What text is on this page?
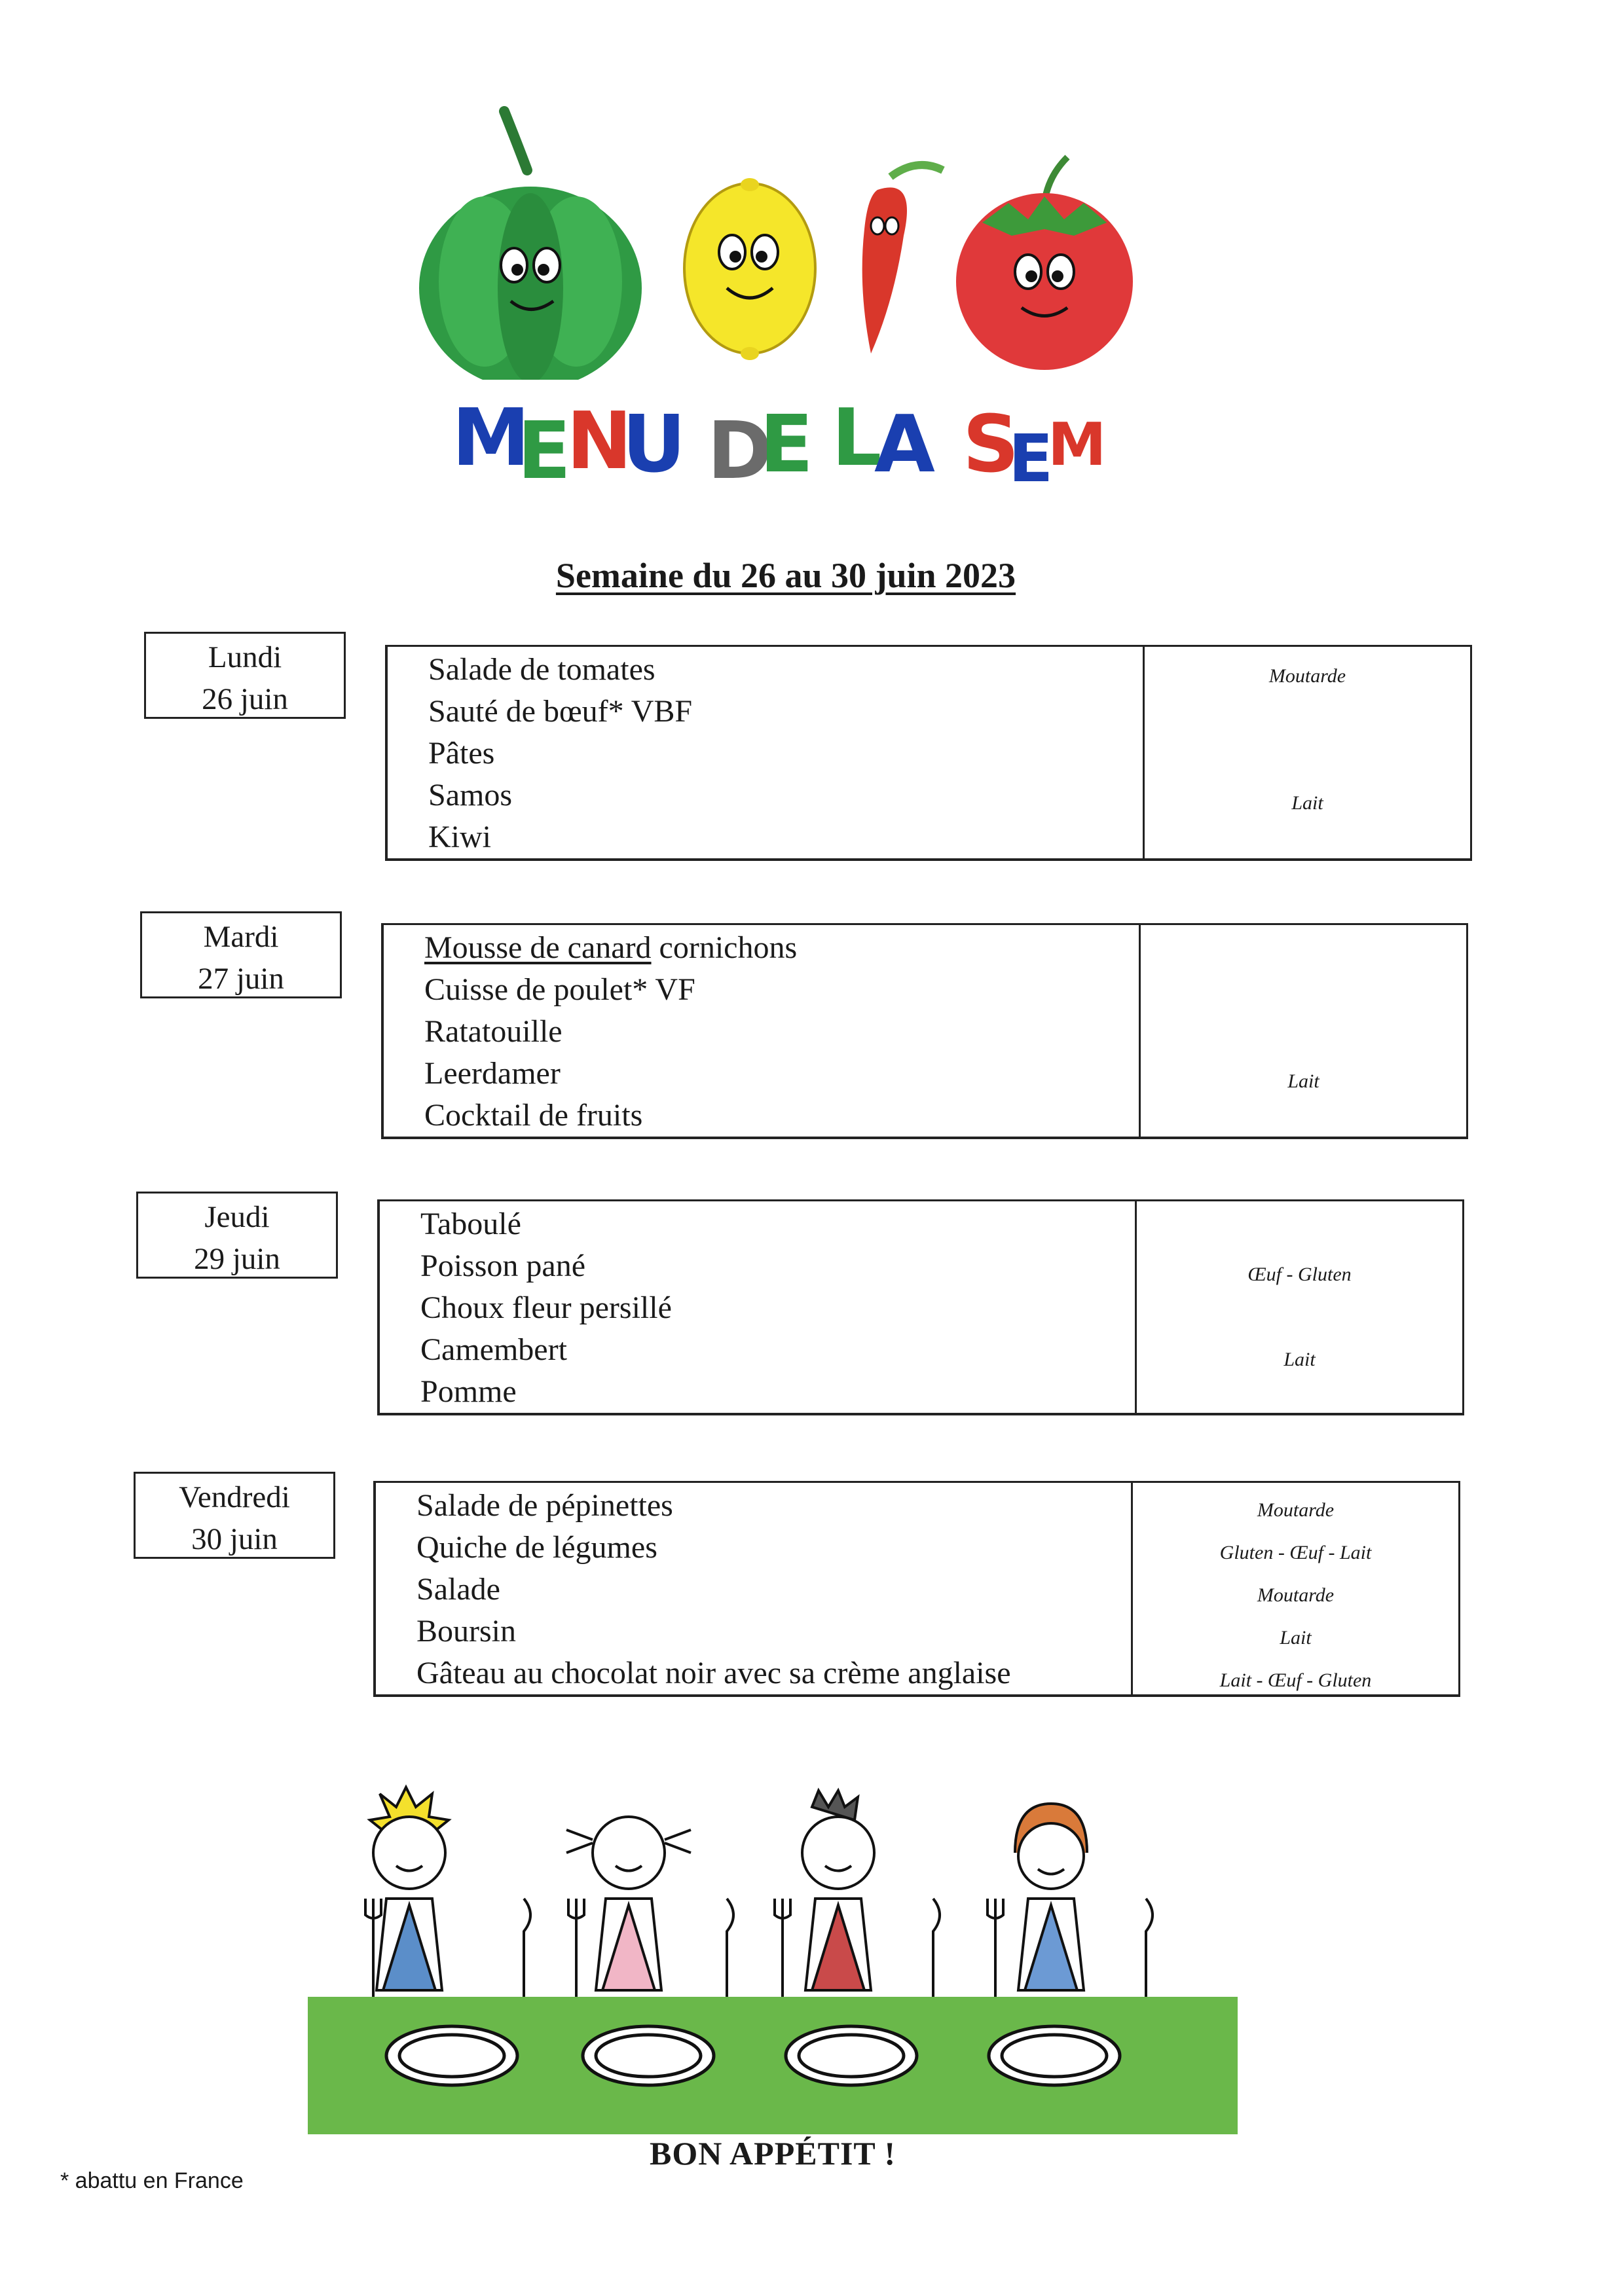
M
E
N
U D
E L
A S
E
M
Semaine du 26 au 30 juin 2023
Lundi
26 juin
Salade de tomates
Sauté de bœuf* VBF
Pâtes
Samos
Kiwi
Moutarde
Lait
Mardi
27 juin
Mousse de canard cornichons
Cuisse de poulet* VF
Ratatouille
Leerdamer
Cocktail de fruits
Lait
Jeudi
29 juin
Taboulé
Poisson pané
Choux fleur persillé
Camembert
Pomme
Œuf - Gluten
Lait
Vendredi
30 juin
Salade de pépinettes
Quiche de légumes
Salade
Boursin
Gâteau au chocolat noir avec sa crème anglaise
Moutarde
Gluten - Œuf - Lait
Moutarde
Lait
Lait - Œuf - Gluten
BON APPÉTIT !
* abattu en France
